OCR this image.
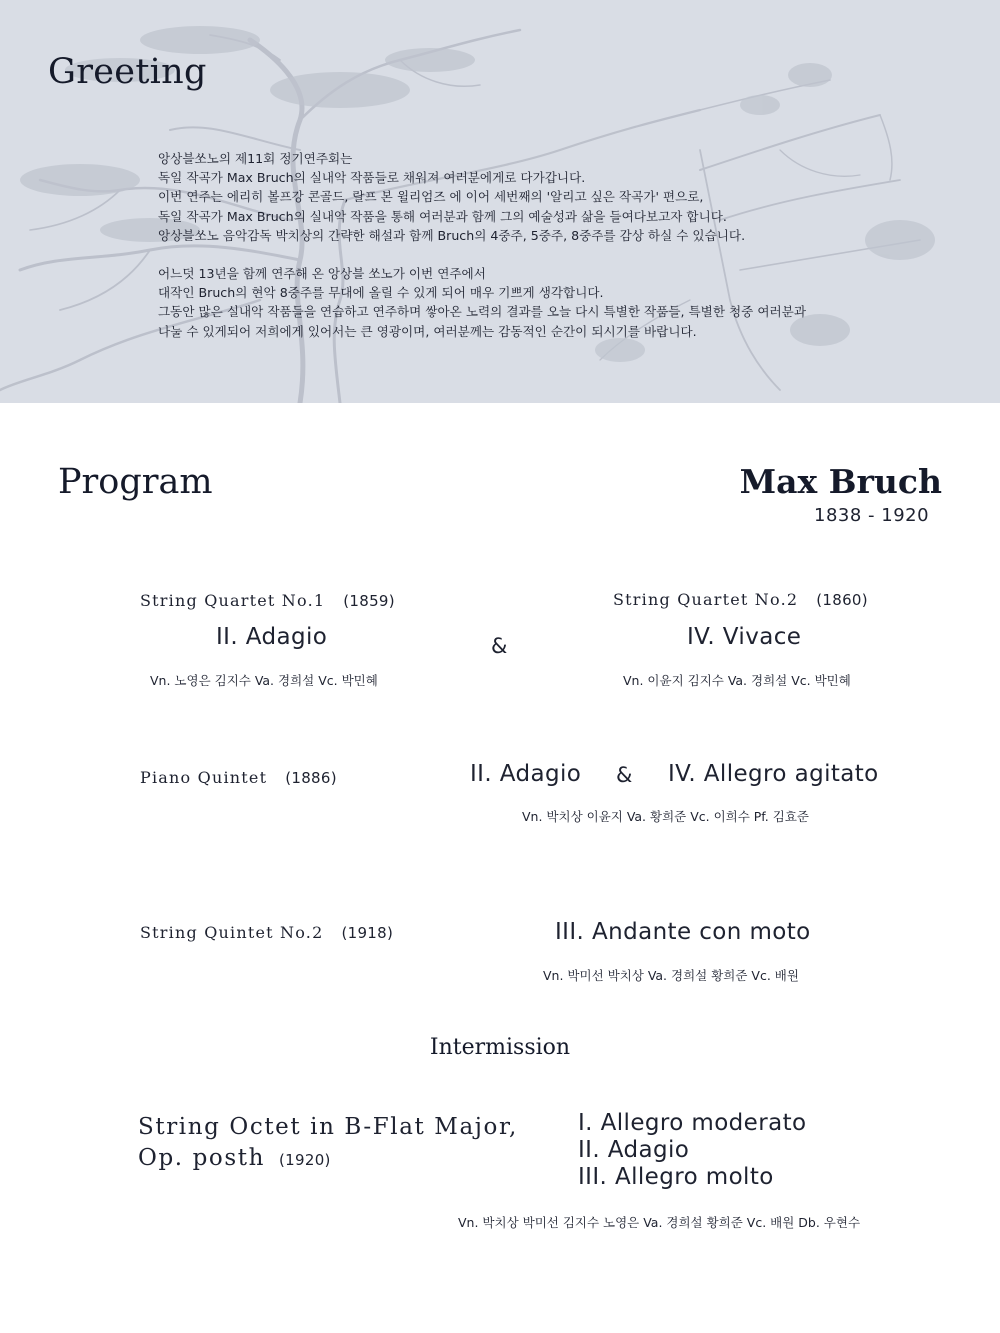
Greeting

앙상블쏘노의 제11회 정기연주회는
독일 작곡가 Max Bruch의 실내악 작품들로 채워져 여러분에게로 다가갑니다.
이번 연주는 에리히 볼프강 콘골드, 랄프 본 윌리엄즈 에 이어 세번째의 '알리고 싶은 작곡가' 편으로,
독일 작곡가 Max Bruch의 실내악 작품을 통해 여러분과 함께 그의 예술성과 삶을 들여다보고자 합니다.
앙상블쏘노 음악감독 박치상의 간략한 해설과 함께 Bruch의 4중주, 5중주, 8중주를 감상 하실 수 있습니다.

어느덧 13년을 함께 연주해 온 앙상블 쏘노가 이번 연주에서
대작인 Bruch의 현악 8중주를 무대에 올릴 수 있게 되어 매우 기쁘게 생각합니다.
그동안 많은 실내악 작품들을 연습하고 연주하며 쌓아온 노력의 결과를 오늘 다시 특별한 작품들, 특별한 청중 여러분과
나눌 수 있게되어 저희에게 있어서는 큰 영광이며, 여러분께는 감동적인 순간이 되시기를 바랍니다.

Program	Max Bruch
1838 - 1920
String Quartet No.1 (1859)
II. Adagio
Vn. 노영은 김지수 Va. 경희설 Vc. 박민혜
&
String Quartet No.2 (1860)
IV. Vivace
Vn. 이윤지 김지수 Va. 경희설 Vc. 박민혜
Piano Quintet (1886)	II. Adagio & IV. Allegro agitato
Vn. 박치상 이윤지 Va. 황희준 Vc. 이희수 Pf. 김효준
String Quintet No.2 (1918)	III. Andante con moto
Vn. 박미선 박치상 Va. 경희설 황희준 Vc. 배원
Intermission
String Octet in B-Flat Major,
Op. posth (1920)
I. Allegro moderato
II. Adagio
III. Allegro molto
Vn. 박치상 박미선 김지수 노영은 Va. 경희설 황희준 Vc. 배원 Db. 우현수
